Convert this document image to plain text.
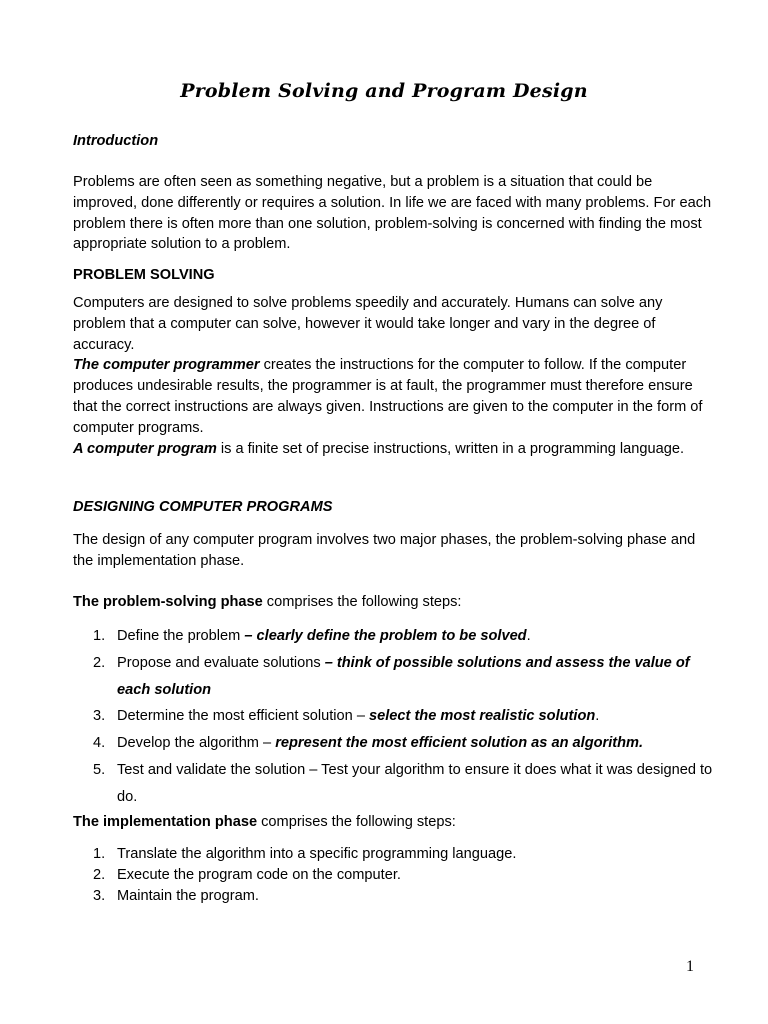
Problem Solving and Program Design
Introduction

Problems are often seen as something negative, but a problem is a situation that could be improved, done differently or requires a solution. In life we are faced with many problems. For each problem there is often more than one solution, problem-solving is concerned with finding the most appropriate solution to a problem.

PROBLEM SOLVING
Computers are designed to solve problems speedily and accurately. Humans can solve any problem that a computer can solve, however it would take longer and vary in the degree of accuracy.
The computer programmer creates the instructions for the computer to follow. If the computer produces undesirable results, the programmer is at fault, the programmer must therefore ensure that the correct instructions are always given. Instructions are given to the computer in the form of computer programs.
A computer program is a finite set of precise instructions, written in a programming language.
DESIGNING COMPUTER PROGRAMS

The design of any computer program involves two major phases, the problem-solving phase and the implementation phase.

The problem-solving phase comprises the following steps:

1. Define the problem – clearly define the problem to be solved.
2. Propose and evaluate solutions – think of possible solutions and assess the value of each solution
3. Determine the most efficient solution – select the most realistic solution.
4. Develop the algorithm – represent the most efficient solution as an algorithm.
5. Test and validate the solution – Test your algorithm to ensure it does what it was designed to do.

The implementation phase comprises the following steps:

1. Translate the algorithm into a specific programming language.
2. Execute the program code on the computer.
3. Maintain the program.
1
